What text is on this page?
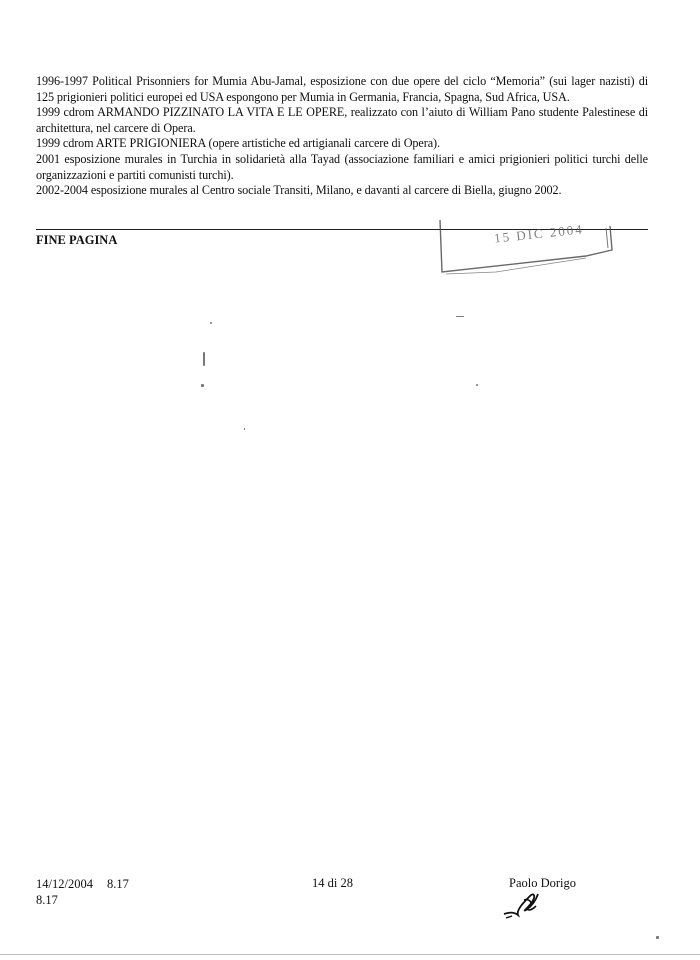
1996-1997 Political Prisonniers for Mumia Abu-Jamal, esposizione con due opere del ciclo “Memoria” (sui lager nazisti) di 125 prigionieri politici europei ed USA espongono per Mumia in Germania, Francia, Spagna, Sud Africa, USA.

1999 cdrom ARMANDO PIZZINATO LA VITA E LE OPERE, realizzato con l’aiuto di William Pano studente Palestinese di architettura, nel carcere di Opera.

1999 cdrom ARTE PRIGIONIERA (opere artistiche ed artigianali carcere di Opera).

2001 esposizione murales in Turchia in solidarietà alla Tayad (associazione familiari e amici prigionieri politici turchi delle organizzazioni e partiti comunisti turchi).

2002-2004 esposizione murales al Centro sociale Transiti, Milano, e davanti al carcere di Biella, giugno 2002.

FINE PAGINA	15 DIC 2004
14/12/2004 8.17
8.17
14 di 28	Paolo Dorigo
